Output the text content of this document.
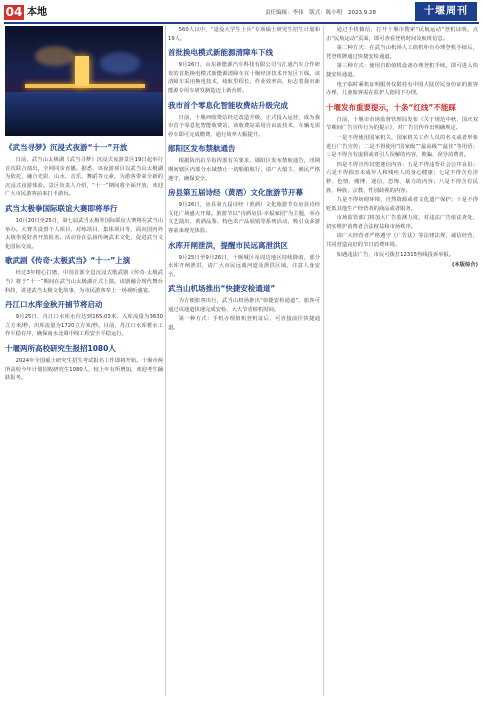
04 本地	责任编辑：李伟 版式：陈小明 2023.9.28	十堰周刊
《武当寻梦》沉浸式夜游“十一”开放

日前，武当山太极湖《武当寻梦》沉浸式夜游景区19日起举行首次联合演出，全网同步直播。据悉，该夜游项目以武当山太极湖为依托，融合光影、山水、音乐、舞蹈等元素，为游客带来全新的沉浸式夜游体验。景区负责人介绍，“十一”期间将全面开放，欢迎广大市民游客前来打卡游玩。

武当太极拳国际联谊大赛即将举行

10月20日至25日，第七届武当太极拳国际联谊大赛将在武当山举办。大赛共设置个人项目、对练项目、集体项目等，面向国内外太极拳爱好者开放报名。活动旨在弘扬传统武术文化，促进武当文化国际交流。

歌武剧《传奇·太极武当》“十一”上演

经过3年精心打磨，中国首部全息沉浸式歌武剧《传奇·太极武当》将于“十一”期间在武当山太极湖正式上演。该剧融合现代舞台科技，讲述武当太极文化故事，为市民游客奉上一场视听盛宴。

丹江口水库金秋开捕节将启动

9月25日，丹江口水库水位达到165.03米，入库流量为3630立方米/秒，出库流量为1720立方米/秒。目前，丹江口水库蓄水工作平稳有序，确保南水北调中线工程安全平稳运行。

十堰两所高校研究生报招1080人

2024年全国硕士研究生招生考试报名工作即将开始。十堰市两所高校今年计划招收研究生1080人，较上年有所增加，欢迎考生踊跃报考。

560人以中，“退役大学生士兵”专项硕士研究生招生计划和19人。

首批换电模式新能源清障车下线

9月26日，山东新能源汽车科技有限公司与汇通汽车合作研发的首批换电模式新能源清障车在十堰经济技术开发区下线。该清障车采用换电技术，续航里程长，作业效率高，标志着我市新能源专用车研发制造迈上新台阶。

我市首个零息化智能收费站升级完成

日前，十堰西收费站经过改造升级，正式投入运营，成为我市首个零息化智能收费站。该收费站采用自由流技术，车辆无需停车即可完成缴费，通行效率大幅提升。

郧阳区发布禁航通告

根据防汛抗旱指挥部有关要求，郧阳区发布禁航通告，汛期期间辖区内部分水域禁止一切船舶航行。请广大船主、渔民严格遵守，确保安全。

房县第五届诗经（黄酒）文化旅游节开幕

9月26日，房县第五届诗经（黄酒）文化旅游节在房县诗经文化广场盛大开幕。旅游节以“诗酒房县·幸福家园”为主题，举办文艺演出、黄酒品鉴、特色农产品展销等系列活动，吸引众多游客前来观光体验。

水库开闸泄洪，提醒市民远离泄洪区

9月25日至9月26日，十堰城区及周边地区持续降雨，部分水库开闸泄洪，请广大市民远离河道及泄洪区域，注意人身安全。

武当山机场推出“快捷安检通道”

为方便旅客出行，武当山机场推出“快捷安检通道”，旅客可通过该通道快速完成安检，大大节省候机时间。

第一种方式：手机办理值机登机证后，可直接前往快捷通道。

通过手机微信，打开十堰市搜索“民航运动”登机证明。点击“民航运动”页面，即可查看登机时间及航班信息。

第二种方式：在武当山机场人工值机柜台办理登机手续后，凭登机牌通过快捷安检通道。

第三种方式：使用自助值机设备办理登机手续，即可进入快捷安检通道。

电子临时乘机证明服务仅限持有中国大陆居民身份证的旅客办理，儿童旅客需在监护人陪同下办理。

十堰发布重要提示，十条“红线”不能踩

日前，十堰市市场监督管理局发布《关于规范中秋、国庆双节期间广告宣传行为的提示》，对广告宣传作出明确规定。

一是不得使用国家机关、国家机关工作人员的名义或者形象进行广告宣传；二是不得使用“国家级”“最高级”“最佳”等用语；三是不得含有虚假或者引人误解的内容，欺骗、误导消费者。

四是不得宣传封建迷信内容；五是不得违背社会公序良俗；六是不得损害未成年人和残疾人的身心健康；七是不得含有淫秽、色情、赌博、迷信、恐怖、暴力的内容；八是不得含有民族、种族、宗教、性别歧视的内容。

九是不得妨碍环境、自然资源或者文化遗产保护；十是不得贬低其他生产经营者的商品或者服务。

市场监管部门将加大广告监测力度，对违法广告依法查处，切实维护消费者合法权益和市场秩序。

请广大经营者严格遵守《广告法》等法律法规，诚信经营，共同营造良好的节日消费环境。

如遇违法广告，市民可拨打12315热线投诉举报。

(本版综合)
